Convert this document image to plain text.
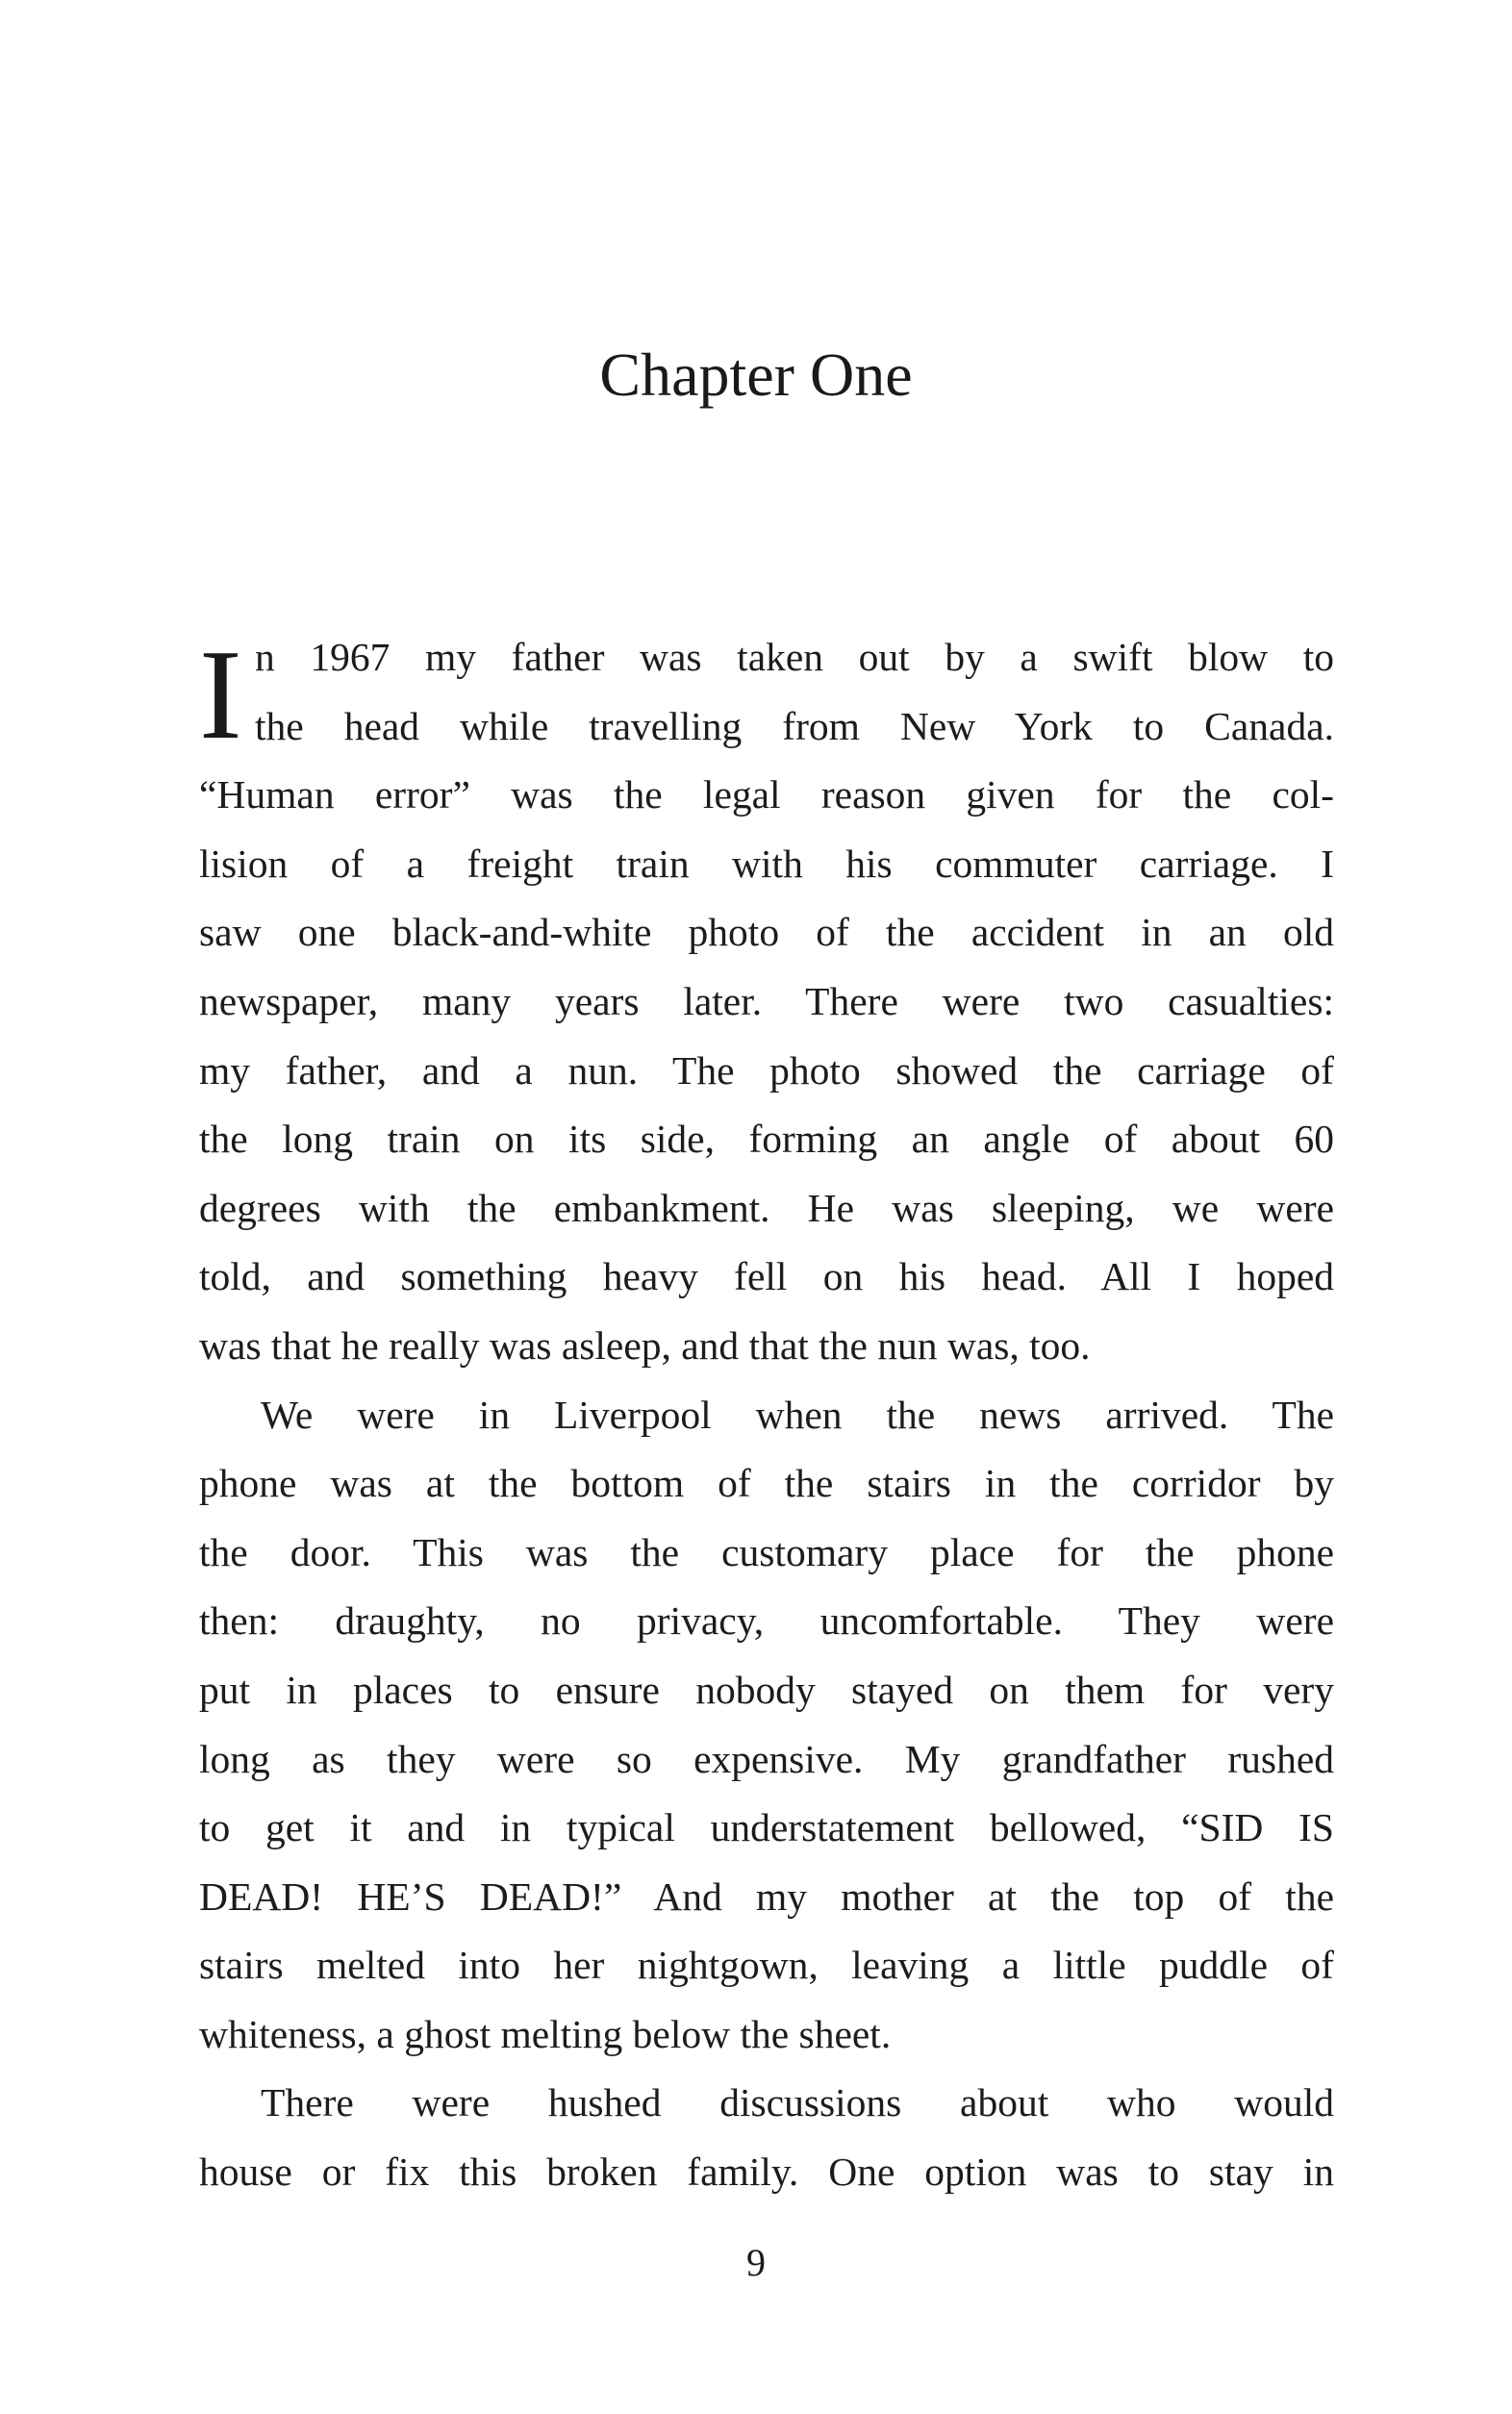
Chapter One
I n 1967 my father was taken out by a swift blow to
the head while travelling from New York to Canada.
“Human error” was the legal reason given for the col-
lision of a freight train with his commuter carriage. I
saw one black-and-white photo of the accident in an old
newspaper, many years later. There were two casualties:
my father, and a nun. The photo showed the carriage of
the long train on its side, forming an angle of about 60
degrees with the embankment. He was sleeping, we were
told, and something heavy fell on his head. All I hoped
was that he really was asleep, and that the nun was, too.
We were in Liverpool when the news arrived. The
phone was at the bottom of the stairs in the corridor by
the door. This was the customary place for the phone
then: draughty, no privacy, uncomfortable. They were
put in places to ensure nobody stayed on them for very
long as they were so expensive. My grandfather rushed
to get it and in typical understatement bellowed, “SID IS
DEAD! HE’S DEAD!” And my mother at the top of the
stairs melted into her nightgown, leaving a little puddle of
whiteness, a ghost melting below the sheet.
There were hushed discussions about who would
house or fix this broken family. One option was to stay in
9
